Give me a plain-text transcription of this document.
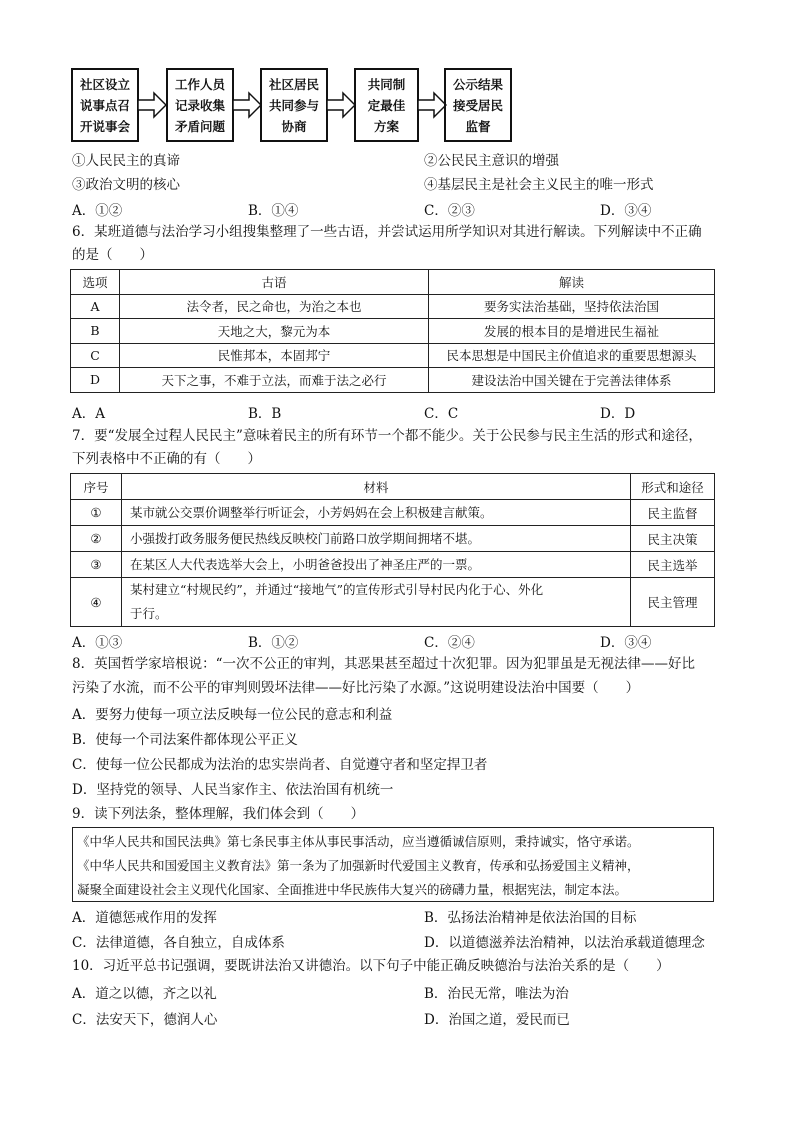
社区设立
说事点召
开说事会
工作人员
记录收集
矛盾问题
社区居民
共同参与
协商
共同制
定最佳
方案
公示结果
接受居民
监督
①人民民主的真谛	②公民民主意识的增强
③政治文明的核心	④基层民主是社会主义民主的唯一形式
A．①②	B．①④	C．②③	D．③④
6．某班道德与法治学习小组搜集整理了一些古语，并尝试运用所学知识对其进行解读。下列解读中不正确
的是（　　）
选项	古语	解读
A	法令者，民之命也，为治之本也	要务实法治基础，坚持依法治国
B	天地之大，黎元为本	发展的根本目的是增进民生福祉
C	民惟邦本，本固邦宁	民本思想是中国民主价值追求的重要思想源头
D	天下之事，不难于立法，而难于法之必行	建设法治中国关键在于完善法律体系
A．A	B．B	C．C	D．D
7．要“发展全过程人民民主”意味着民主的所有环节一个都不能少。关于公民参与民主生活的形式和途径，
下列表格中不正确的有（　　）
序号	材料	形式和途径
①	某市就公交票价调整举行听证会，小芳妈妈在会上积极建言献策。	民主监督
②	小强拨打政务服务便民热线反映校门前路口放学期间拥堵不堪。	民主决策
③	在某区人大代表选举大会上，小明爸爸投出了神圣庄严的一票。	民主选举
④	某村建立“村规民约”，并通过“接地气”的宣传形式引导村民内化于心、外化
于行。	民主管理
A．①③	B．①②	C．②④	D．③④
8．英国哲学家培根说：“一次不公正的审判，其恶果甚至超过十次犯罪。因为犯罪虽是无视法律——好比
污染了水流，而不公平的审判则毁坏法律——好比污染了水源。”这说明建设法治中国要（　　）
A．要努力使每一项立法反映每一位公民的意志和利益
B．使每一个司法案件都体现公平正义
C．使每一位公民都成为法治的忠实崇尚者、自觉遵守者和坚定捍卫者
D．坚持党的领导、人民当家作主、依法治国有机统一
9．读下列法条，整体理解，我们体会到（　　）
《中华人民共和国民法典》第七条民事主体从事民事活动，应当遵循诚信原则，秉持诚实，恪守承诺。
《中华人民共和国爱国主义教育法》第一条为了加强新时代爱国主义教育，传承和弘扬爱国主义精神，
凝聚全面建设社会主义现代化国家、全面推进中华民族伟大复兴的磅礴力量，根据宪法，制定本法。
A．道德惩戒作用的发挥	B．弘扬法治精神是依法治国的目标
C．法律道德，各自独立，自成体系	D．以道德滋养法治精神，以法治承载道德理念
10．习近平总书记强调，要既讲法治又讲德治。以下句子中能正确反映德治与法治关系的是（　　）
A．道之以德，齐之以礼	B．治民无常，唯法为治
C．法安天下，德润人心	D．治国之道，爱民而已
